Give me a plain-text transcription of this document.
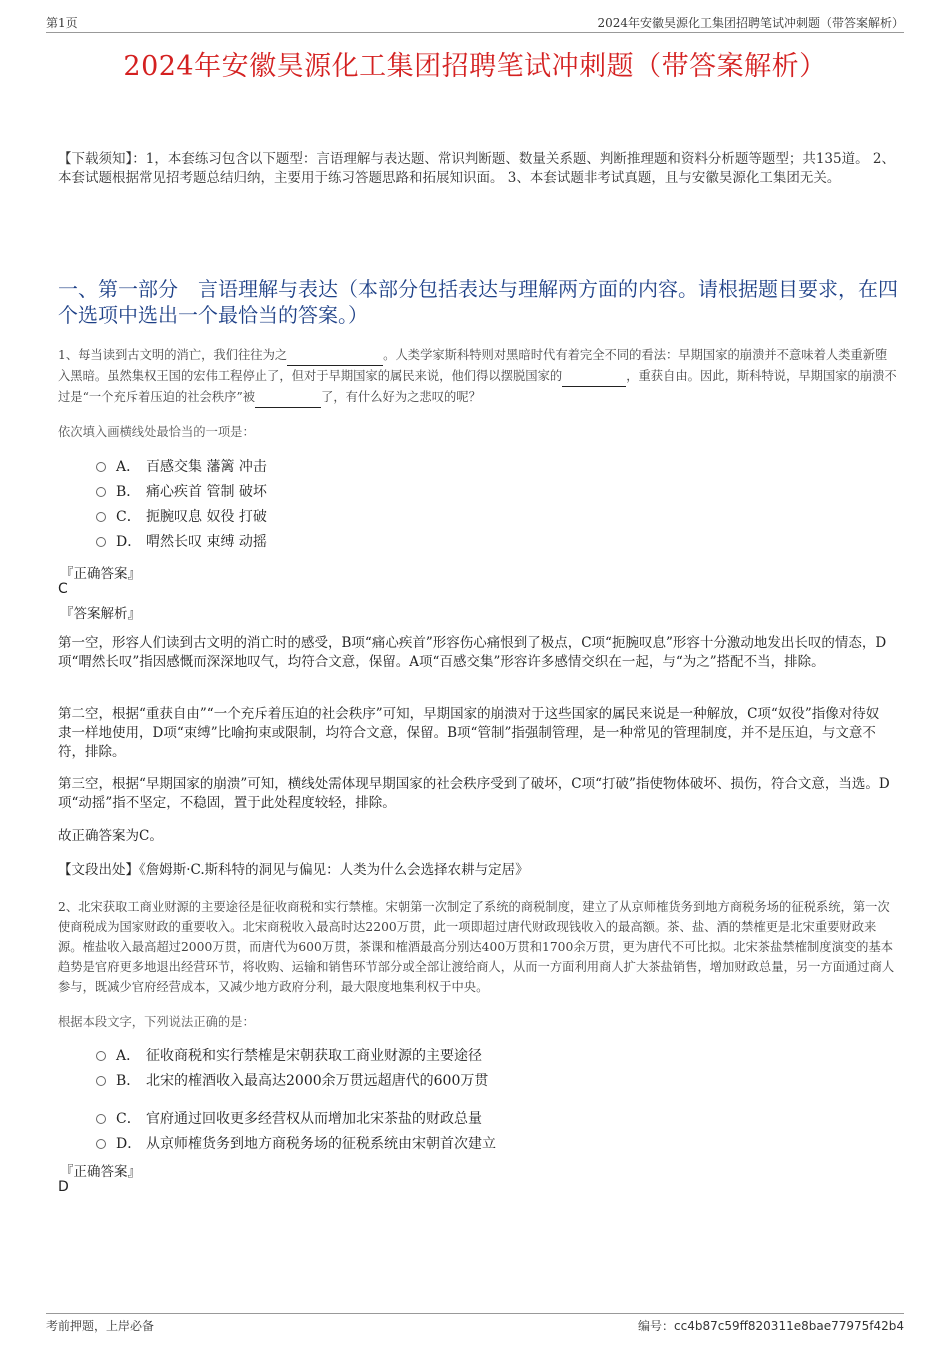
第1页	2024年安徽昊源化工集团招聘笔试冲刺题（带答案解析）
2024年安徽昊源化工集团招聘笔试冲刺题（带答案解析）
【下载须知】：1，本套练习包含以下题型：言语理解与表达题、常识判断题、数量关系题、判断推理题和资料分析题等题型；共135道。 2、本套试题根据常见招考题总结归纳，主要用于练习答题思路和拓展知识面。 3、本套试题非考试真题，且与安徽昊源化工集团无关。
一、第一部分　言语理解与表达（本部分包括表达与理解两方面的内容。请根据题目要求，在四个选项中选出一个最恰当的答案。）
1、每当读到古文明的消亡，我们往往为之	。人类学家斯科特则对黑暗时代有着完全不同的看法：早期国家的崩溃并不意味着人类重新堕入黑暗。虽然集权王国的宏伟工程停止了，但对于早期国家的属民来说，他们得以摆脱国家的	，重获自由。因此，斯科特说，早期国家的崩溃不过是“一个充斥着压迫的社会秩序”被	了，有什么好为之悲叹的呢？
依次填入画横线处最恰当的一项是：
A． 百感交集 藩篱 冲击
B． 痛心疾首 管制 破坏
C． 扼腕叹息 奴役 打破
D． 喟然长叹 束缚 动摇
『正确答案』
C
『答案解析』
第一空，形容人们读到古文明的消亡时的感受，B项“痛心疾首”形容伤心痛恨到了极点，C项“扼腕叹息”形容十分激动地发出长叹的情态，D项“喟然长叹”指因感慨而深深地叹气，均符合文意，保留。A项“百感交集”形容许多感情交织在一起，与“为之”搭配不当，排除。
第二空，根据“重获自由”“一个充斥着压迫的社会秩序”可知，早期国家的崩溃对于这些国家的属民来说是一种解放，C项“奴役”指像对待奴隶一样地使用，D项“束缚”比喻拘束或限制，均符合文意，保留。B项“管制”指强制管理，是一种常见的管理制度，并不是压迫，与文意不符，排除。
第三空，根据“早期国家的崩溃”可知，横线处需体现早期国家的社会秩序受到了破坏，C项“打破”指使物体破坏、损伤，符合文意，当选。D项“动摇”指不坚定，不稳固，置于此处程度较轻，排除。
故正确答案为C。
【文段出处】《詹姆斯·C.斯科特的洞见与偏见：人类为什么会选择农耕与定居》
2、北宋获取工商业财源的主要途径是征收商税和实行禁榷。宋朝第一次制定了系统的商税制度，建立了从京师榷货务到地方商税务场的征税系统，第一次使商税成为国家财政的重要收入。北宋商税收入最高时达2200万贯，此一项即超过唐代财政现钱收入的最高额。茶、盐、酒的禁榷更是北宋重要财政来源。榷盐收入最高超过2000万贯，而唐代为600万贯，茶课和榷酒最高分别达400万贯和1700余万贯，更为唐代不可比拟。北宋茶盐禁榷制度演变的基本趋势是官府更多地退出经营环节，将收购、运输和销售环节部分或全部让渡给商人，从而一方面利用商人扩大茶盐销售，增加财政总量，另一方面通过商人参与，既减少官府经营成本，又减少地方政府分利，最大限度地集利权于中央。
根据本段文字，下列说法正确的是：
A． 征收商税和实行禁榷是宋朝获取工商业财源的主要途径
B． 北宋的榷酒收入最高达2000余万贯远超唐代的600万贯
C． 官府通过回收更多经营权从而增加北宋茶盐的财政总量
D． 从京师榷货务到地方商税务场的征税系统由宋朝首次建立
『正确答案』
D
考前押题，上岸必备	编号：cc4b87c59ff820311e8bae77975f42b4
